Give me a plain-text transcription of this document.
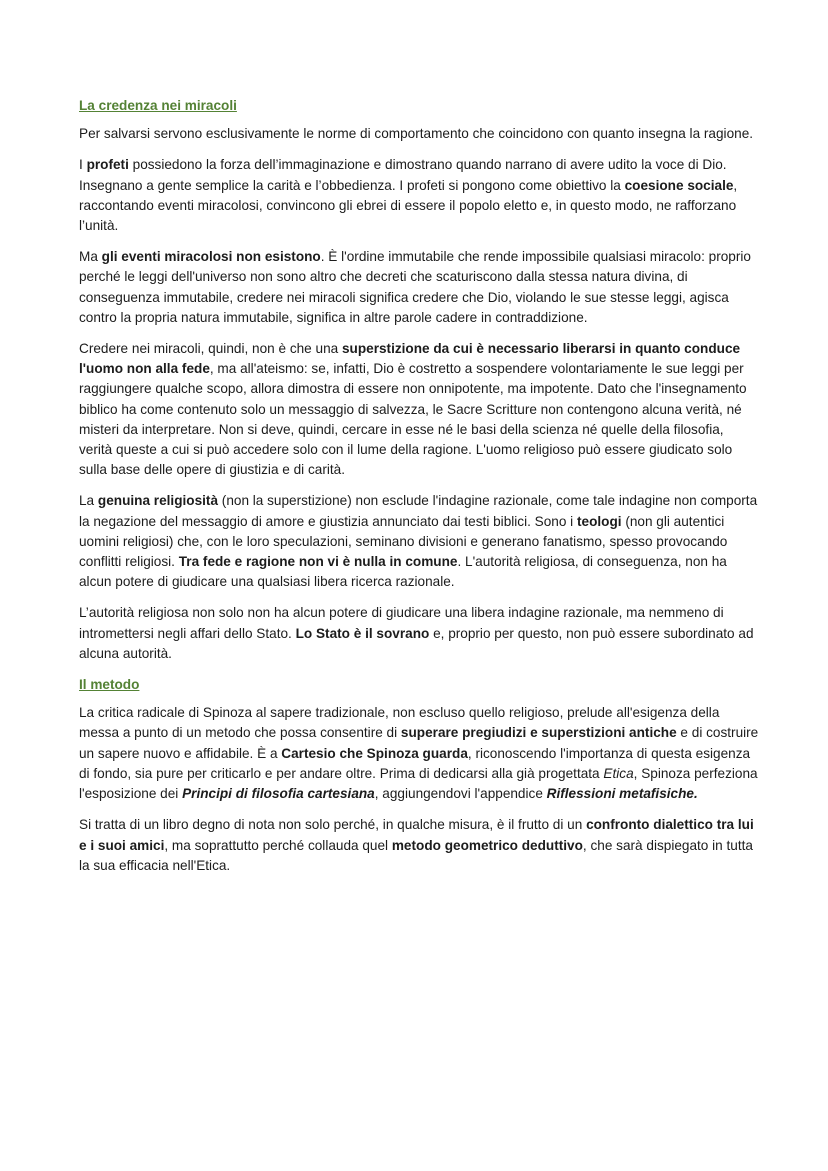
La credenza nei miracoli

Per salvarsi servono esclusivamente le norme di comportamento che coincidono con quanto insegna la ragione.

I profeti possiedono la forza dell’immaginazione e dimostrano quando narrano di avere udito la voce di Dio. Insegnano a gente semplice la carità e l’obbedienza. I profeti si pongono come obiettivo la coesione sociale, raccontando eventi miracolosi, convincono gli ebrei di essere il popolo eletto e, in questo modo, ne rafforzano l’unità.

Ma gli eventi miracolosi non esistono. È l'ordine immutabile che rende impossibile qualsiasi miracolo: proprio perché le leggi dell'universo non sono altro che decreti che scaturiscono dalla stessa natura divina, di conseguenza immutabile, credere nei miracoli significa credere che Dio, violando le sue stesse leggi, agisca contro la propria natura immutabile, significa in altre parole cadere in contraddizione.

Credere nei miracoli, quindi, non è che una superstizione da cui è necessario liberarsi in quanto conduce l'uomo non alla fede, ma all'ateismo: se, infatti, Dio è costretto a sospendere volontariamente le sue leggi per raggiungere qualche scopo, allora dimostra di essere non onnipotente, ma impotente. Dato che l'insegnamento biblico ha come contenuto solo un messaggio di salvezza, le Sacre Scritture non contengono alcuna verità, né misteri da interpretare. Non si deve, quindi, cercare in esse né le basi della scienza né quelle della filosofia, verità queste a cui si può accedere solo con il lume della ragione. L'uomo religioso può essere giudicato solo sulla base delle opere di giustizia e di carità.

La genuina religiosità (non la superstizione) non esclude l'indagine razionale, come tale indagine non comporta la negazione del messaggio di amore e giustizia annunciato dai testi biblici. Sono i teologi (non gli autentici uomini religiosi) che, con le loro speculazioni, seminano divisioni e generano fanatismo, spesso provocando conflitti religiosi. Tra fede e ragione non vi è nulla in comune. L'autorità religiosa, di conseguenza, non ha alcun potere di giudicare una qualsiasi libera ricerca razionale.

L’autorità religiosa non solo non ha alcun potere di giudicare una libera indagine razionale, ma nemmeno di intromettersi negli affari dello Stato. Lo Stato è il sovrano e, proprio per questo, non può essere subordinato ad alcuna autorità.

Il metodo

La critica radicale di Spinoza al sapere tradizionale, non escluso quello religioso, prelude all'esigenza della messa a punto di un metodo che possa consentire di superare pregiudizi e superstizioni antiche e di costruire un sapere nuovo e affidabile. È a Cartesio che Spinoza guarda, riconoscendo l'importanza di questa esigenza di fondo, sia pure per criticarlo e per andare oltre. Prima di dedicarsi alla già progettata Etica, Spinoza perfeziona l'esposizione dei Principi di filosofia cartesiana, aggiungendovi l'appendice Riflessioni metafisiche.

Si tratta di un libro degno di nota non solo perché, in qualche misura, è il frutto di un confronto dialettico tra lui e i suoi amici, ma soprattutto perché collauda quel metodo geometrico deduttivo, che sarà dispiegato in tutta la sua efficacia nell'Etica.
